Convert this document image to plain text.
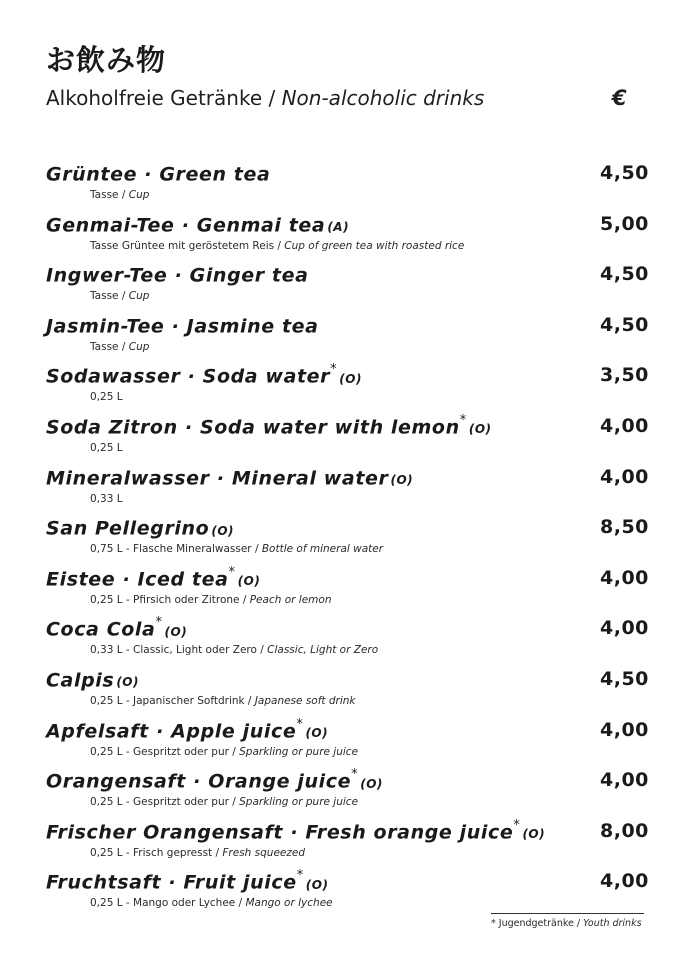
お飲み物
Alkoholfreie Getränke / Non-alcoholic drinks	€
Grüntee · Green tea	4,50
Tasse / Cup
Genmai-Tee · Genmai tea (A)	5,00
Tasse Grüntee mit geröstetem Reis / Cup of green tea with roasted rice
Ingwer-Tee · Ginger tea	4,50
Tasse / Cup
Jasmin-Tee · Jasmine tea	4,50
Tasse / Cup
Sodawasser · Soda water*(O)	3,50
0,25 L
Soda Zitron · Soda water with lemon*(O)	4,00
0,25 L
Mineralwasser · Mineral water (O)	4,00
0,33 L
San Pellegrino (O)	8,50
0,75 L - Flasche Mineralwasser / Bottle of mineral water
Eistee · Iced tea*(O)	4,00
0,25 L - Pfirsich oder Zitrone / Peach or lemon
Coca Cola*(O)	4,00
0,33 L - Classic, Light oder Zero / Classic, Light or Zero
Calpis (O)	4,50
0,25 L - Japanischer Softdrink / Japanese soft drink
Apfelsaft · Apple juice*(O)	4,00
0,25 L - Gespritzt oder pur / Sparkling or pure juice
Orangensaft · Orange juice*(O)	4,00
0,25 L - Gespritzt oder pur / Sparkling or pure juice
Frischer Orangensaft · Fresh orange juice*(O)	8,00
0,25 L - Frisch gepresst / Fresh squeezed
Fruchtsaft · Fruit juice*(O)	4,00
0,25 L - Mango oder Lychee / Mango or lychee
* Jugendgetränke / Youth drinks
